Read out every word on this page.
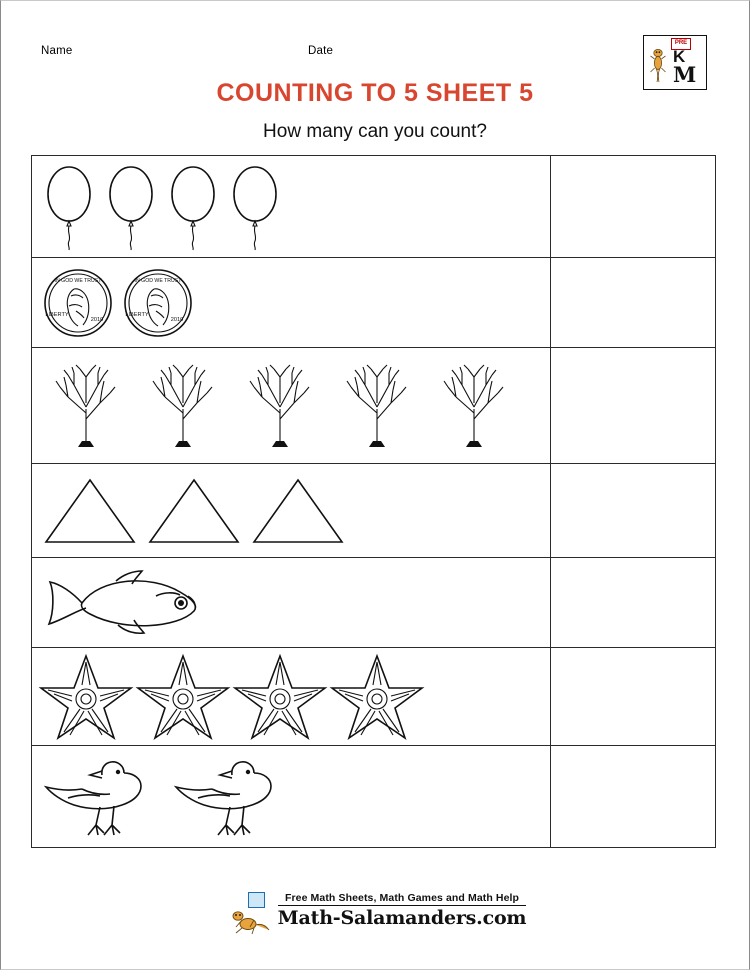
Name	Date
PRE
K
M
COUNTING TO 5 SHEET 5
How many can you count?

IN GOD WE TRUST
LIBERTY
2010
IN GOD WE TRUST
LIBERTY
2010

Free Math Sheets, Math Games and Math Help
Math-Salamanders.com
